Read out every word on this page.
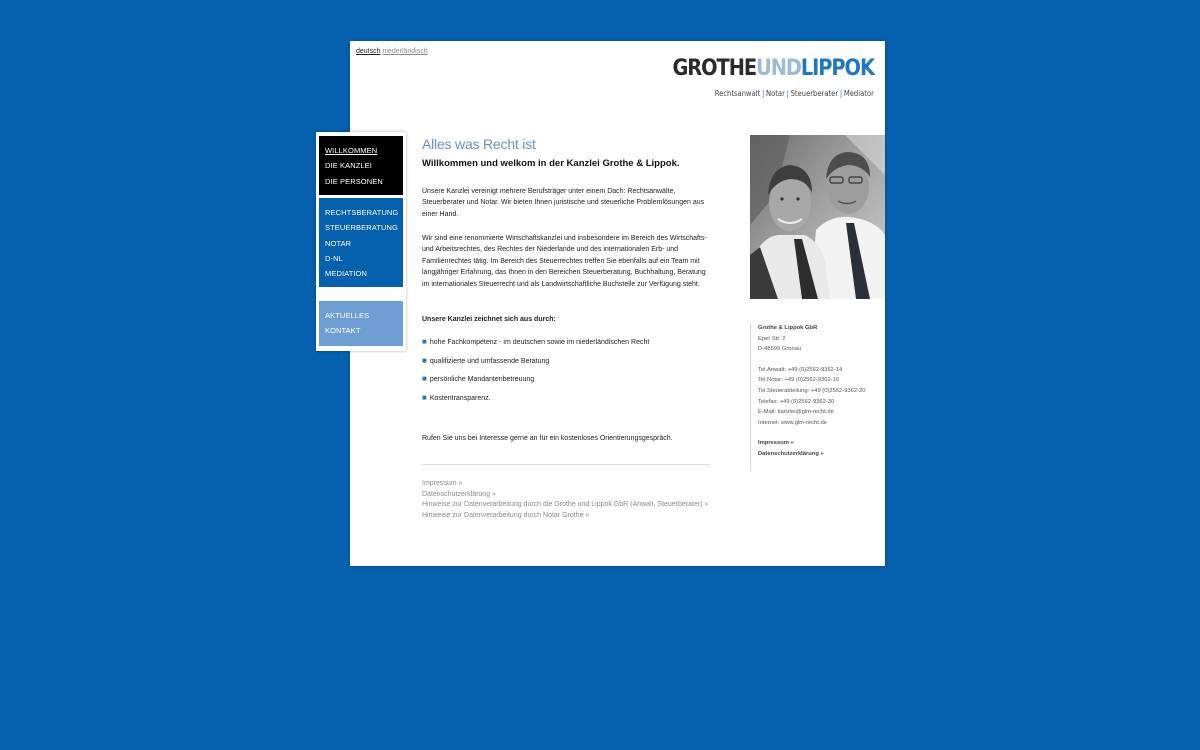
deutsch niederländisch
GROTHEUNDLIPPOK
Rechtsanwalt | Notar | Steuerberater | Mediator
Alles was Recht ist
Willkommen und welkom in der Kanzlei Grothe & Lippok.

Unsere Kanzlei vereinigt mehrere Berufsträger unter einem Dach: Rechtsanwälte, Steuerberater und Notar. Wir bieten Ihnen juristische und steuerliche Problemlösungen aus einer Hand.

Wir sind eine renommierte Wirtschaftskanzlei und insbesondere im Bereich des Wirtschafts- und Arbeitsrechtes, des Rechtes der Niederlande und des internationalen Erb- und Familienrechtes tätig. Im Bereich des Steuerrechtes treffen Sie ebenfalls auf ein Team mit langjähriger Erfahrung, das Ihnen in den Bereichen Steuerberatung, Buchhaltung, Beratung im internationales Steuerrecht und als Landwirtschaftliche Buchstelle zur Verfügung steht.

Unsere Kanzlei zeichnet sich aus durch:

■ hohe Fachkompetenz - im deutschen sowie im niederländischen Recht
■ qualifizierte und umfassende Beratung
■ persönliche Mandantenbetreuung
■ Kostentransparenz.

Rufen Sie uns bei Interesse gerne an für ein kostenloses Orientierungsgespräch.

Impressum »
Datenschutzerklärung »
Hinweise zur Datenverarbeitung durch die Grothe und Lippok GbR (Anwalt, Steuerberater) »
Hinweise zur Datenverarbeitung durch Notar Grothe »
Grothe & Lippok GbR
Eper Str. 2
D-48599 Gronau
Tel.Anwalt: +49 (0)2562-9362-14
Tel.Notar: +49 (0)2562-9362-16
Tel.Steuerabteilung: +49 (0)2562-9362-20
Telefax: +49 (0)2562-9362-30
E-Mail: kanzlei@glm-recht.de
Internet: www.glm-recht.de
Impressum »
Datenschutzerklärung »
WILLKOMMEN
DIE KANZLEI
DIE PERSONEN
RECHTSBERATUNG
STEUERBERATUNG
NOTAR
D-NL
MEDIATION
AKTUELLES
KONTAKT
